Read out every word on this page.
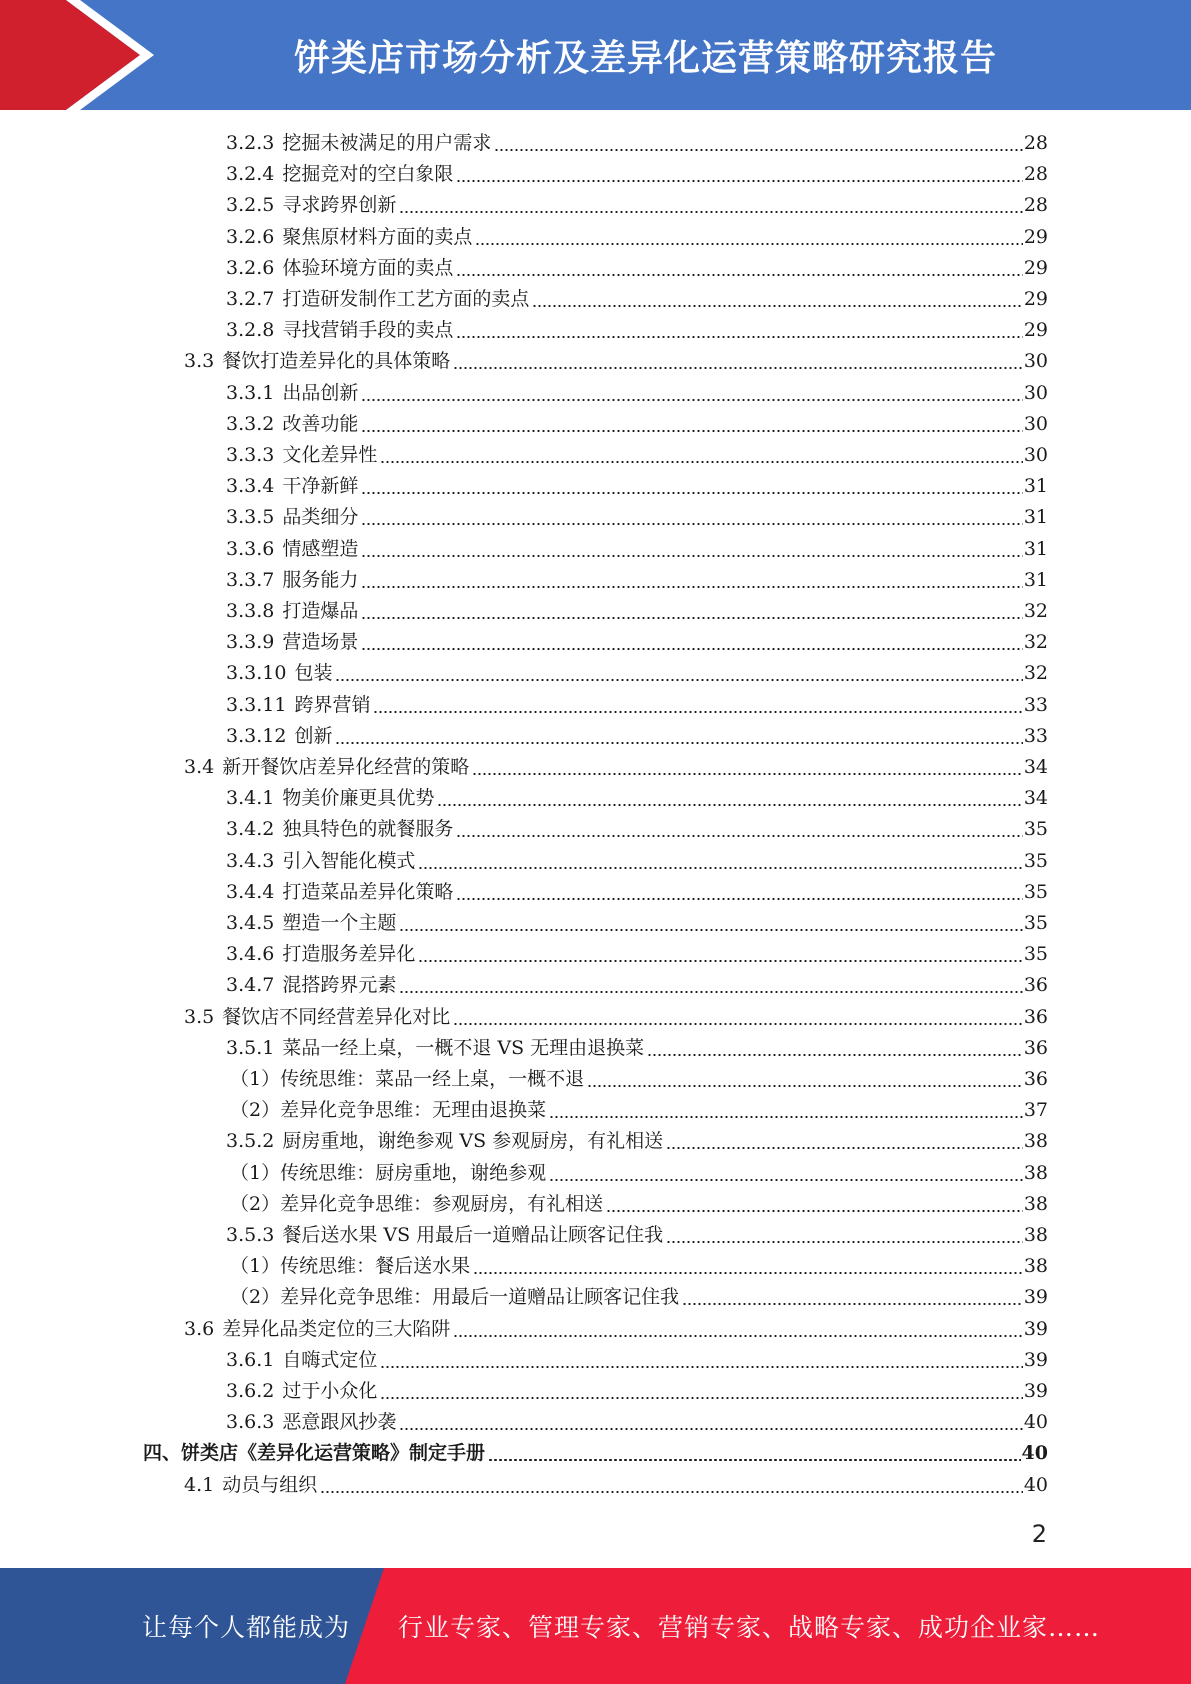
饼类店市场分析及差异化运营策略研究报告
3.2.3 挖掘未被满足的用户需求	28
3.2.4 挖掘竞对的空白象限	28
3.2.5 寻求跨界创新	28
3.2.6 聚焦原材料方面的卖点	29
3.2.6 体验环境方面的卖点	29
3.2.7 打造研发制作工艺方面的卖点	29
3.2.8 寻找营销手段的卖点	29
3.3 餐饮打造差异化的具体策略	30
3.3.1 出品创新	30
3.3.2 改善功能	30
3.3.3 文化差异性	30
3.3.4 干净新鲜	31
3.3.5 品类细分	31
3.3.6 情感塑造	31
3.3.7 服务能力	31
3.3.8 打造爆品	32
3.3.9 营造场景	32
3.3.10 包装	32
3.3.11 跨界营销	33
3.3.12 创新	33
3.4 新开餐饮店差异化经营的策略	34
3.4.1 物美价廉更具优势	34
3.4.2 独具特色的就餐服务	35
3.4.3 引入智能化模式	35
3.4.4 打造菜品差异化策略	35
3.4.5 塑造一个主题	35
3.4.6 打造服务差异化	35
3.4.7 混搭跨界元素	36
3.5 餐饮店不同经营差异化对比	36
3.5.1 菜品一经上桌，一概不退 VS 无理由退换菜	36
（1）传统思维：菜品一经上桌，一概不退	36
（2）差异化竞争思维：无理由退换菜	37
3.5.2 厨房重地，谢绝参观 VS 参观厨房，有礼相送	38
（1）传统思维：厨房重地，谢绝参观	38
（2）差异化竞争思维：参观厨房，有礼相送	38
3.5.3 餐后送水果 VS 用最后一道赠品让顾客记住我	38
（1）传统思维：餐后送水果	38
（2）差异化竞争思维：用最后一道赠品让顾客记住我	39
3.6 差异化品类定位的三大陷阱	39
3.6.1 自嗨式定位	39
3.6.2 过于小众化	39
3.6.3 恶意跟风抄袭	40
四、饼类店《差异化运营策略》制定手册	40
4.1 动员与组织	40
2
让每个人都能成为 行业专家、管理专家、营销专家、战略专家、成功企业家……
